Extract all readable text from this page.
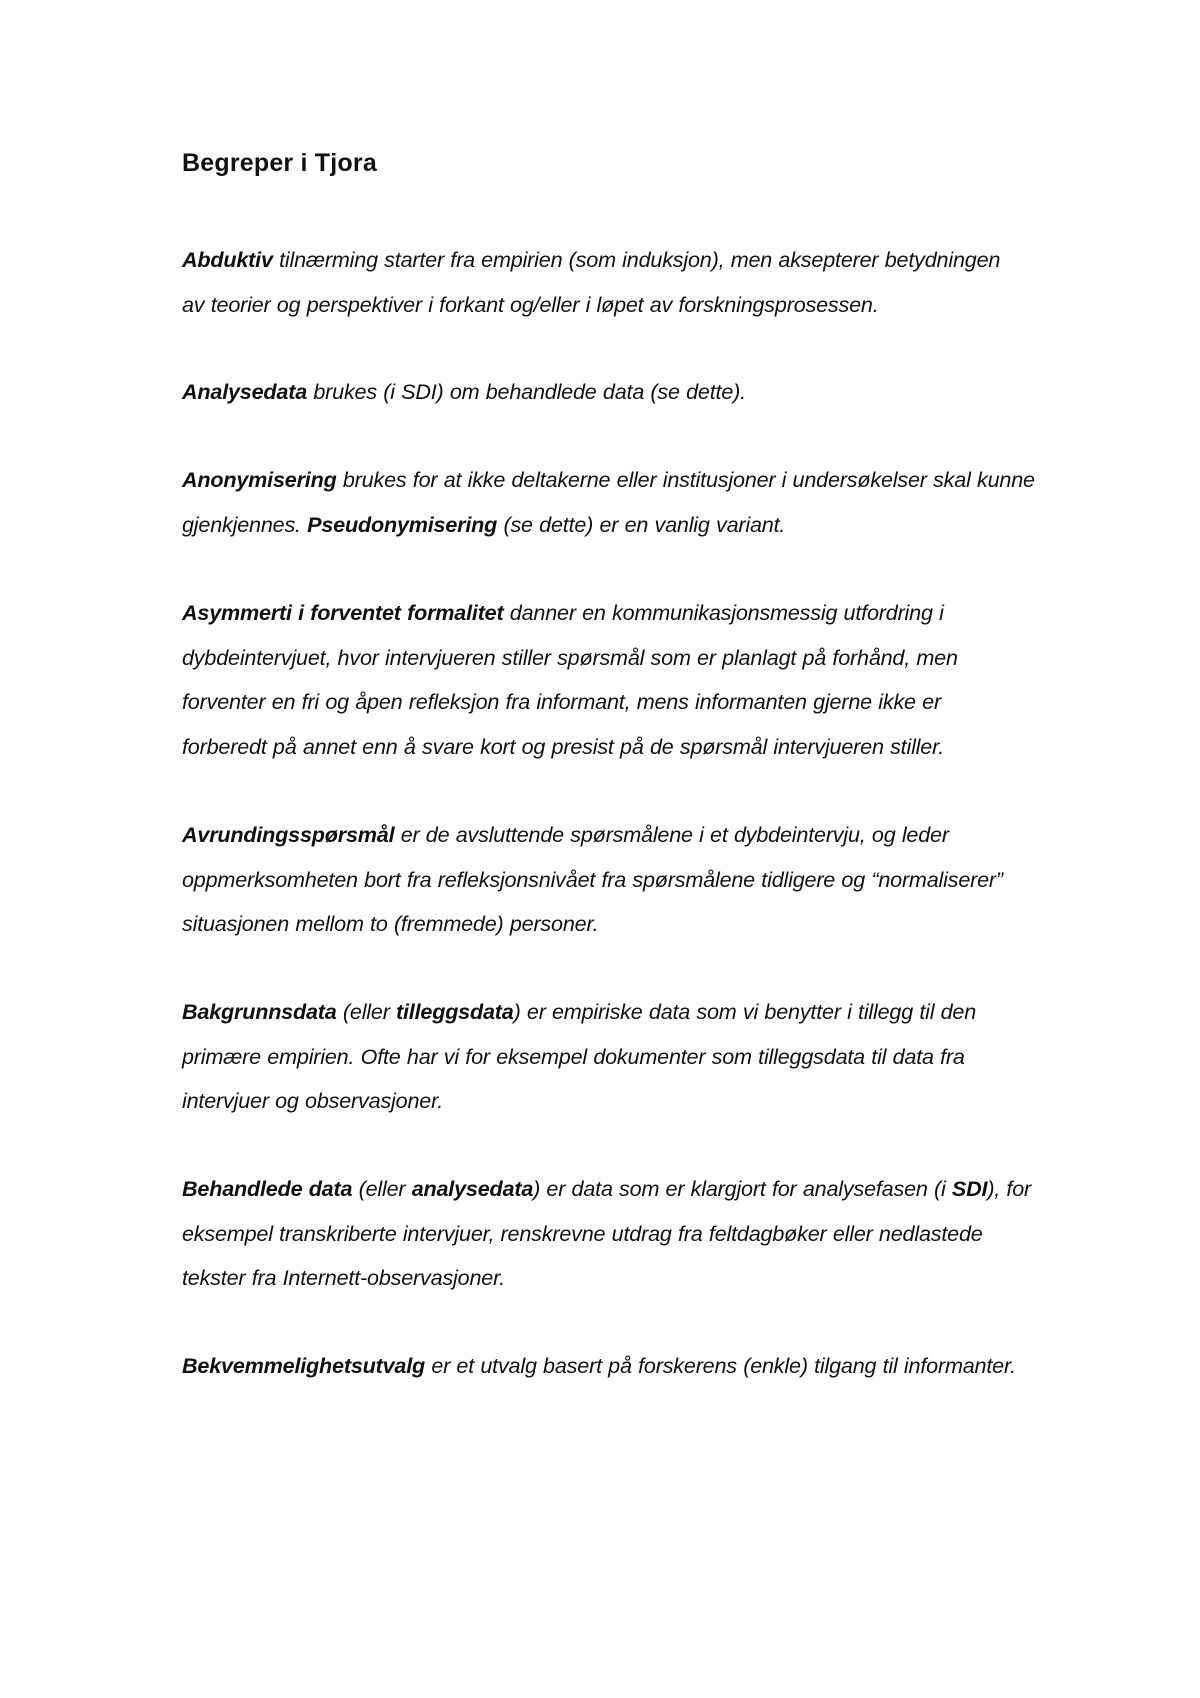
Begreper i Tjora

Abduktiv tilnærming starter fra empirien (som induksjon), men aksepterer betydningen
av teorier og perspektiver i forkant og/eller i løpet av forskningsprosessen.

Analysedata brukes (i SDI) om behandlede data (se dette).

Anonymisering brukes for at ikke deltakerne eller institusjoner i undersøkelser skal kunne
gjenkjennes. Pseudonymisering (se dette) er en vanlig variant.

Asymmerti i forventet formalitet danner en kommunikasjonsmessig utfordring i
dybdeintervjuet, hvor intervjueren stiller spørsmål som er planlagt på forhånd, men
forventer en fri og åpen refleksjon fra informant, mens informanten gjerne ikke er
forberedt på annet enn å svare kort og presist på de spørsmål intervjueren stiller.

Avrundingsspørsmål er de avsluttende spørsmålene i et dybdeintervju, og leder
oppmerksomheten bort fra refleksjonsnivået fra spørsmålene tidligere og “normaliserer”
situasjonen mellom to (fremmede) personer.

Bakgrunnsdata (eller tilleggsdata) er empiriske data som vi benytter i tillegg til den
primære empirien. Ofte har vi for eksempel dokumenter som tilleggsdata til data fra
intervjuer og observasjoner.

Behandlede data (eller analysedata) er data som er klargjort for analysefasen (i SDI), for
eksempel transkriberte intervjuer, renskrevne utdrag fra feltdagbøker eller nedlastede
tekster fra Internett-observasjoner.

Bekvemmelighetsutvalg er et utvalg basert på forskerens (enkle) tilgang til informanter.
